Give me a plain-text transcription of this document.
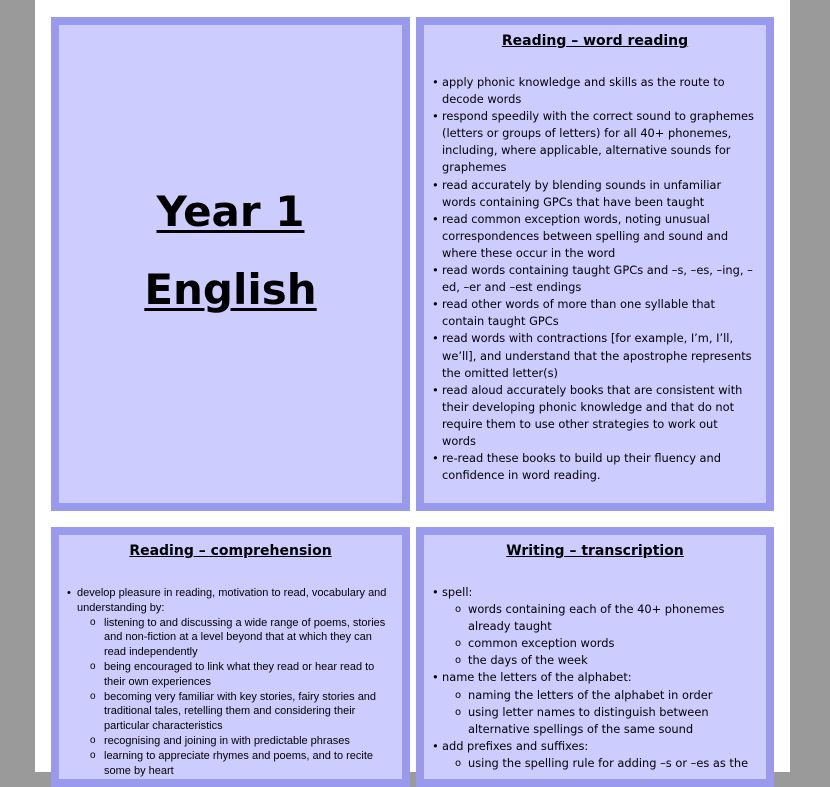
Year 1
English
Reading – word reading
• apply phonic knowledge and skills as the route to decode words
• respond speedily with the correct sound to graphemes (letters or groups of letters) for all 40+ phonemes, including, where applicable, alternative sounds for graphemes
• read accurately by blending sounds in unfamiliar words containing GPCs that have been taught
• read common exception words, noting unusual correspondences between spelling and sound and where these occur in the word
• read words containing taught GPCs and –s, –es, –ing, –ed, –er and –est endings
• read other words of more than one syllable that contain taught GPCs
• read words with contractions [for example, I’m, I’ll, we’ll], and understand that the apostrophe represents the omitted letter(s)
• read aloud accurately books that are consistent with their developing phonic knowledge and that do not require them to use other strategies to work out words
• re-read these books to build up their fluency and confidence in word reading.
Reading – comprehension
• develop pleasure in reading, motivation to read, vocabulary and understanding by:
o listening to and discussing a wide range of poems, stories and non-fiction at a level beyond that at which they can read independently
o being encouraged to link what they read or hear read to their own experiences
o becoming very familiar with key stories, fairy stories and traditional tales, retelling them and considering their particular characteristics
o recognising and joining in with predictable phrases
o learning to appreciate rhymes and poems, and to recite some by heart
Writing – transcription
• spell:
o words containing each of the 40+ phonemes already taught
o common exception words
o the days of the week
• name the letters of the alphabet:
o naming the letters of the alphabet in order
o using letter names to distinguish between alternative spellings of the same sound
• add prefixes and suffixes:
o using the spelling rule for adding –s or –es as the
